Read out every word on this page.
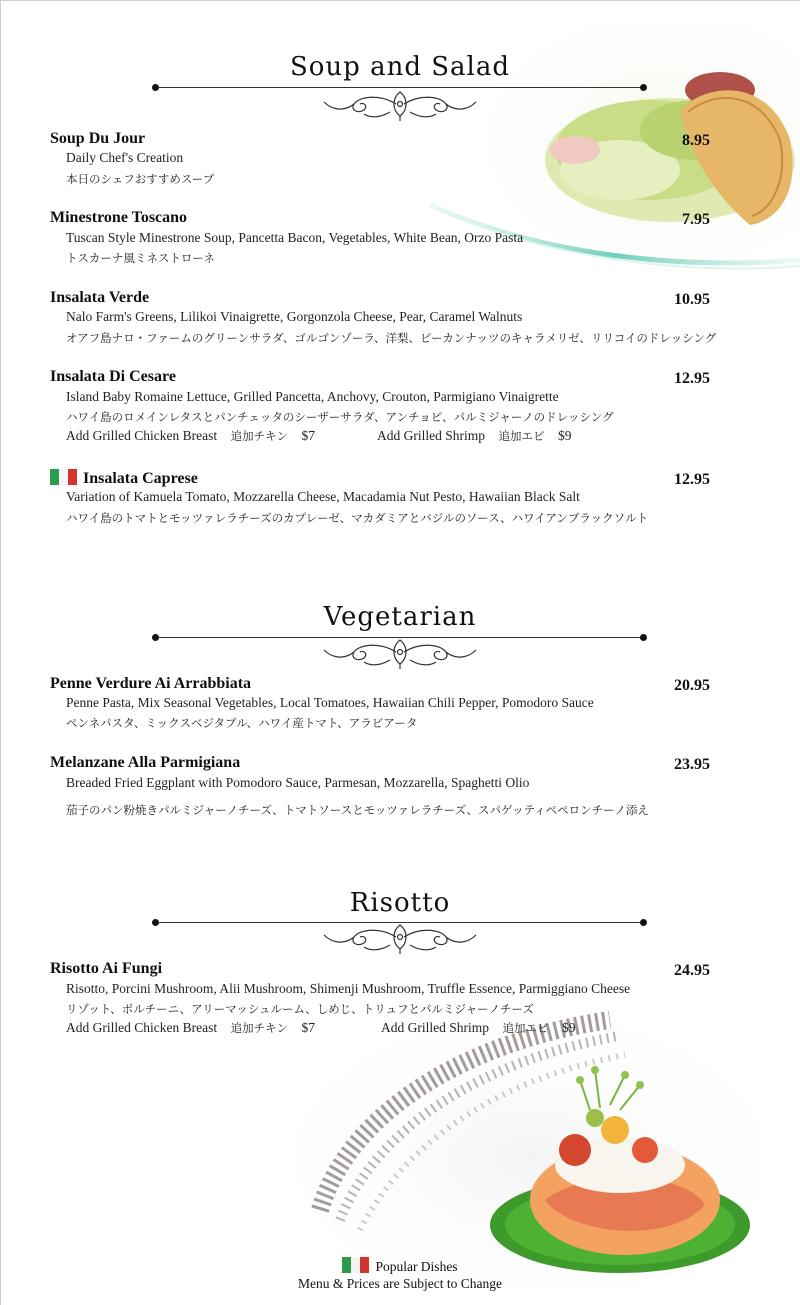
Soup and Salad
Soup Du Jour	8.95
Daily Chef's Creation
本日のシェフおすすめスープ
Minestrone Toscano	7.95
Tuscan Style Minestrone Soup, Pancetta Bacon, Vegetables, White Bean, Orzo Pasta
トスカーナ風ミネストローネ
Insalata Verde	10.95
Nalo Farm's Greens, Lilikoi Vinaigrette, Gorgonzola Cheese, Pear, Caramel Walnuts
オアフ島ナロ・ファームのグリーンサラダ、ゴルゴンゾーラ、洋梨、ピーカンナッツのキャラメリゼ、リリコイのドレッシング
Insalata Di Cesare	12.95
Island Baby Romaine Lettuce, Grilled Pancetta, Anchovy, Crouton, Parmigiano Vinaigrette
ハワイ島のロメインレタスとパンチェッタのシーザーサラダ、アンチョビ、パルミジャーノのドレッシング
Add Grilled Chicken Breast 追加チキン $7	Add Grilled Shrimp 追加エビ $9
Insalata Caprese	12.95
Variation of Kamuela Tomato, Mozzarella Cheese, Macadamia Nut Pesto, Hawaiian Black Salt
ハワイ島のトマトとモッツァレラチーズのカプレーゼ、マカダミアとバジルのソース、ハワイアンブラックソルト
Vegetarian
Penne Verdure Ai Arrabbiata	20.95
Penne Pasta, Mix Seasonal Vegetables, Local Tomatoes, Hawaiian Chili Pepper, Pomodoro Sauce
ペンネパスタ、ミックスベジタブル、ハワイ産トマト、アラビアータ
Melanzane Alla Parmigiana	23.95
Breaded Fried Eggplant with Pomodoro Sauce, Parmesan, Mozzarella, Spaghetti Olio
茄子のパン粉焼きパルミジャーノチーズ、トマトソースとモッツァレラチーズ、スパゲッティペペロンチーノ添え
Risotto
Risotto Ai Fungi	24.95
Risotto, Porcini Mushroom, Alii Mushroom, Shimenji Mushroom, Truffle Essence, Parmiggiano Cheese
リゾット、ポルチーニ、アリーマッシュルーム、しめじ、トリュフとパルミジャーノチーズ
Add Grilled Chicken Breast 追加チキン $7	Add Grilled Shrimp 追加エビ $9
Popular Dishes
Menu & Prices are Subject to Change
